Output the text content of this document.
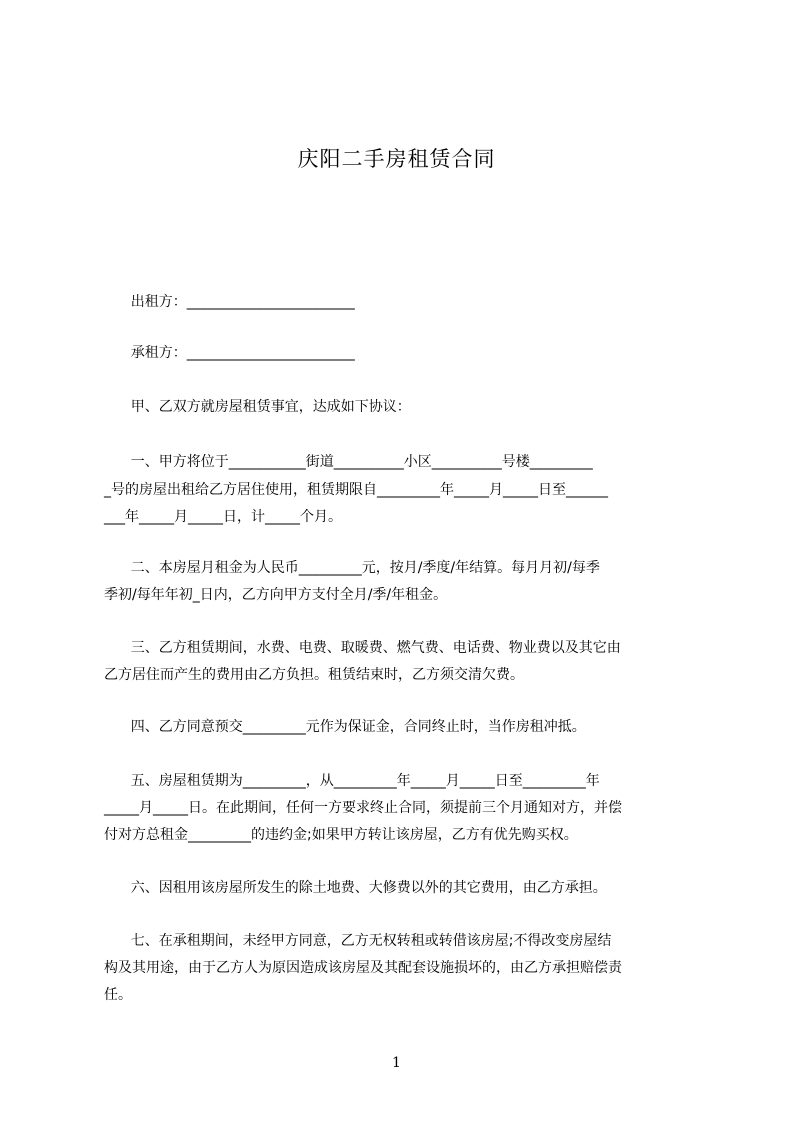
庆阳二手房租赁合同
出租方：________________________
承租方：________________________
甲、乙双方就房屋租赁事宜，达成如下协议：
一、甲方将位于___________街道__________小区__________号楼_________
_号的房屋出租给乙方居住使用，租赁期限自_________年_____月_____日至______
___年_____月_____日，计_____个月。
二、本房屋月租金为人民币_________元，按月/季度/年结算。每月月初/每季
季初/每年年初_日内，乙方向甲方支付全月/季/年租金。
三、乙方租赁期间，水费、电费、取暖费、燃气费、电话费、物业费以及其它由
乙方居住而产生的费用由乙方负担。租赁结束时，乙方须交清欠费。
四、乙方同意预交_________元作为保证金，合同终止时，当作房租冲抵。
五、房屋租赁期为_________，从_________年_____月_____日至_________年
_____月_____日。在此期间，任何一方要求终止合同，须提前三个月通知对方，并偿
付对方总租金_________的违约金;如果甲方转让该房屋，乙方有优先购买权。
六、因租用该房屋所发生的除土地费、大修费以外的其它费用，由乙方承担。
七、在承租期间，未经甲方同意，乙方无权转租或转借该房屋;不得改变房屋结
构及其用途，由于乙方人为原因造成该房屋及其配套设施损坏的，由乙方承担赔偿责
任。
1
